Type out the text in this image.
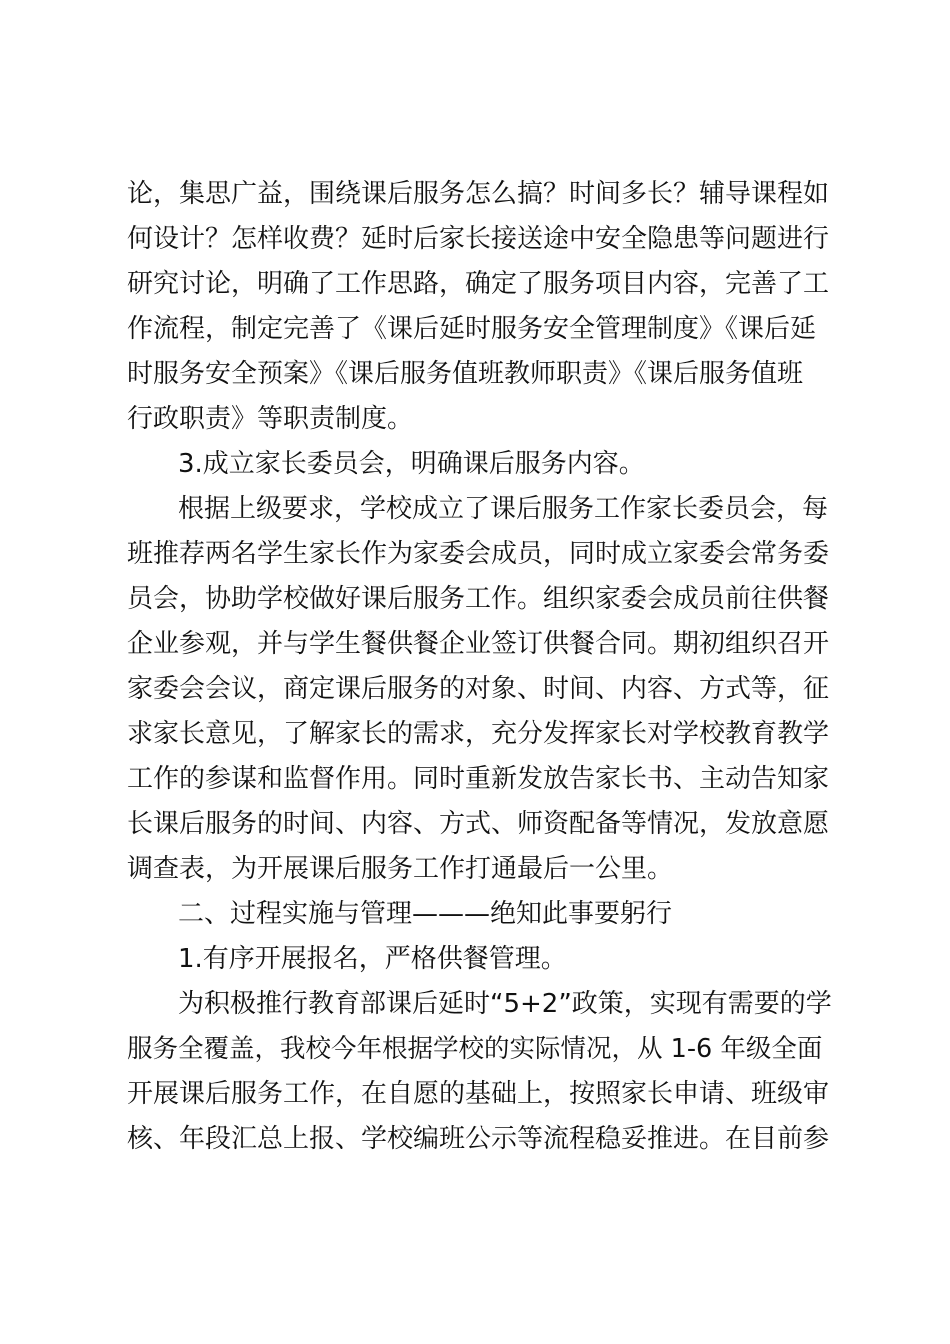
论，集思广益，围绕课后服务怎么搞？时间多长？辅导课程如

何设计？怎样收费？延时后家长接送途中安全隐患等问题进行

研究讨论，明确了工作思路，确定了服务项目内容，完善了工

作流程，制定完善了《课后延时服务安全管理制度》《课后延

时服务安全预案》《课后服务值班教师职责》《课后服务值班

行政职责》等职责制度。

3.成立家长委员会，明确课后服务内容。

根据上级要求，学校成立了课后服务工作家长委员会，每

班推荐两名学生家长作为家委会成员，同时成立家委会常务委

员会，协助学校做好课后服务工作。组织家委会成员前往供餐

企业参观，并与学生餐供餐企业签订供餐合同。期初组织召开

家委会会议，商定课后服务的对象、时间、内容、方式等，征

求家长意见，了解家长的需求，充分发挥家长对学校教育教学

工作的参谋和监督作用。同时重新发放告家长书、主动告知家

长课后服务的时间、内容、方式、师资配备等情况，发放意愿

调查表，为开展课后服务工作打通最后一公里。

二、过程实施与管理———绝知此事要躬行

1.有序开展报名，严格供餐管理。

为积极推行教育部课后延时“5+2”政策，实现有需要的学

服务全覆盖，我校今年根据学校的实际情况，从 1-6 年级全面

开展课后服务工作，在自愿的基础上，按照家长申请、班级审

核、年段汇总上报、学校编班公示等流程稳妥推进。在目前参
